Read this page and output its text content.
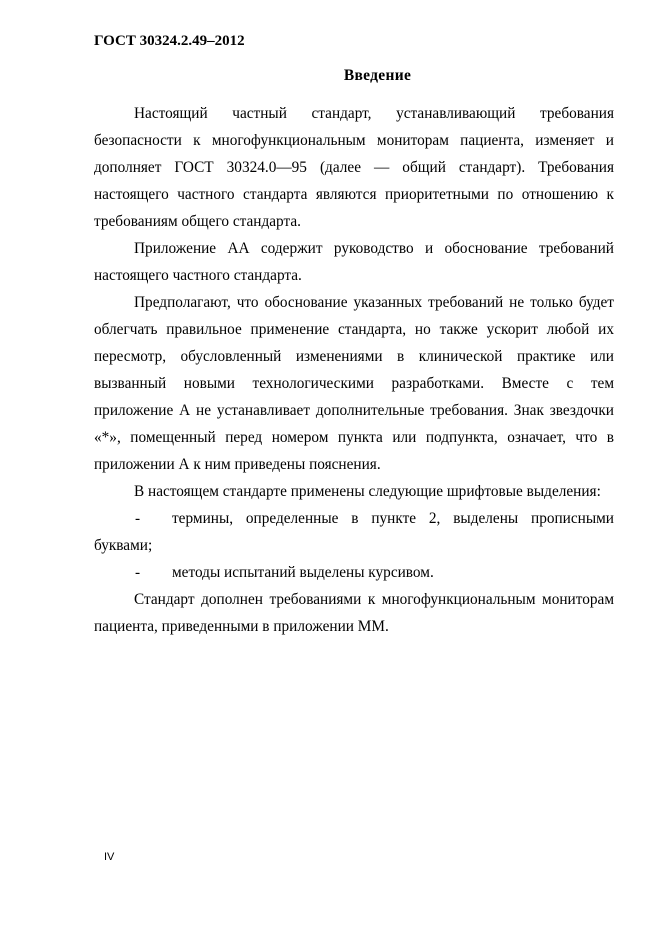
ГОСТ 30324.2.49–2012

Введение

Настоящий частный стандарт, устанавливающий требования безопасности к многофункциональным мониторам пациента, изменяет и дополняет ГОСТ 30324.0—95 (далее — общий стандарт). Требования настоящего частного стандарта являются приоритетными по отношению к требованиям общего стандарта.

Приложение АА содержит руководство и обоснование требований настоящего частного стандарта.

Предполагают, что обоснование указанных требований не только будет облегчать правильное применение стандарта, но также ускорит любой их пересмотр, обусловленный изменениями в клинической практике или вызванный новыми технологическими разработками. Вместе с тем приложение А не устанавливает дополнительные требования. Знак звездочки «*», помещенный перед номером пункта или подпункта, означает, что в приложении А к ним приведены пояснения.

В настоящем стандарте применены следующие шрифтовые выделения:

- термины, определенные в пункте 2, выделены прописными буквами;

- методы испытаний выделены курсивом.

Стандарт дополнен требованиями к многофункциональным мониторам пациента, приведенными в приложении ММ.

IV
